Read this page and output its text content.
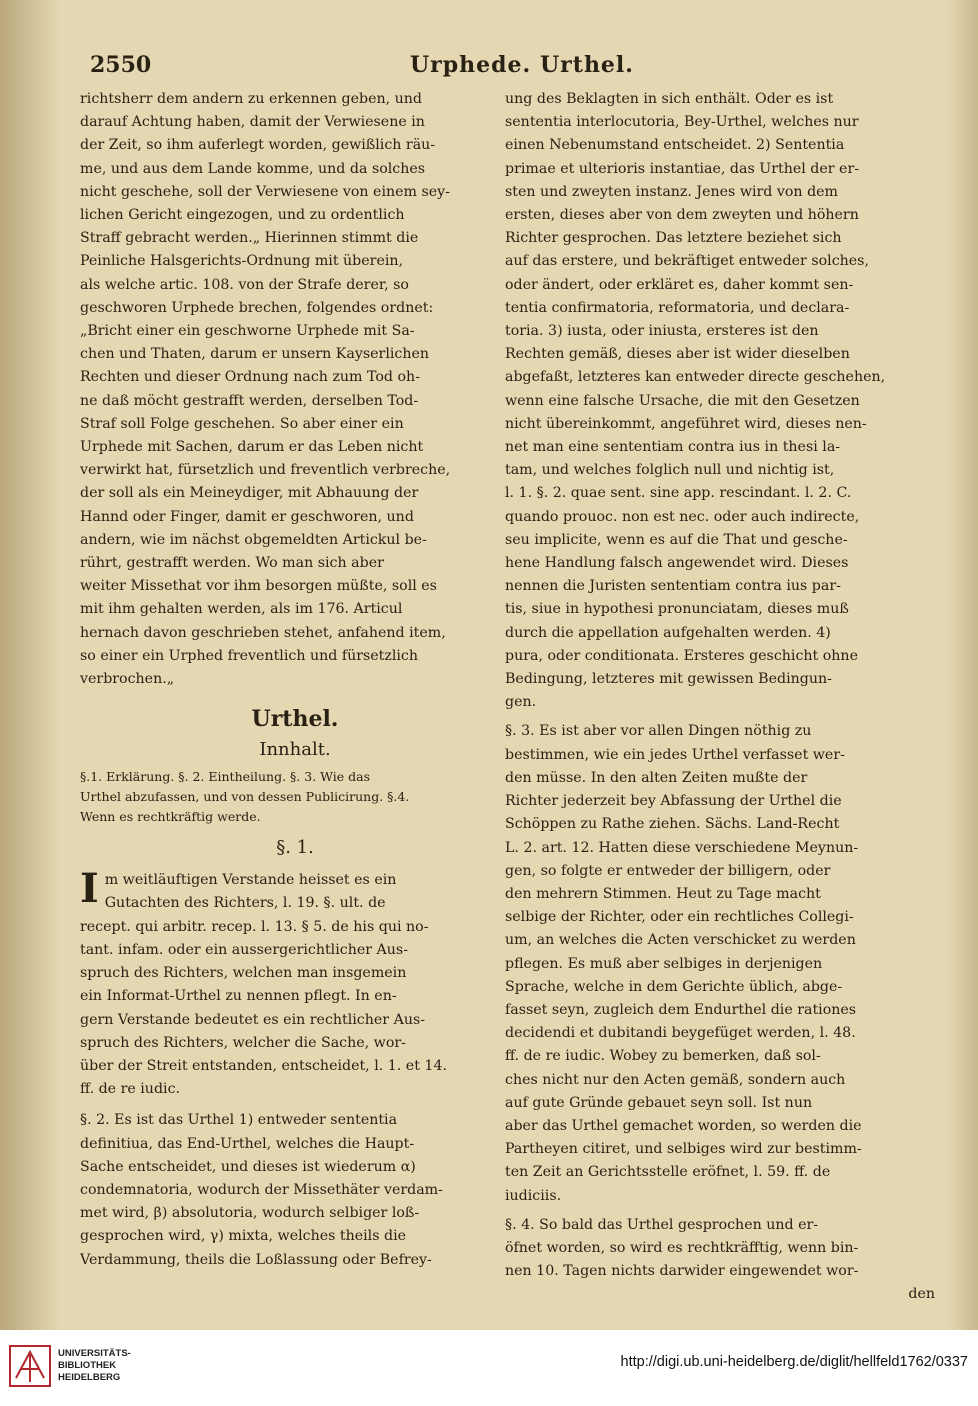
2550	Urphede. Urthel.
richtsherr dem andern zu erkennen geben, und
darauf Achtung haben, damit der Verwiesene in
der Zeit, so ihm auferlegt worden, gewißlich räu-
me, und aus dem Lande komme, und da solches
nicht geschehe, soll der Verwiesene von einem sey-
lichen Gericht eingezogen, und zu ordentlich
Straff gebracht werden.„ Hierinnen stimmt die
Peinliche Halsgerichts-Ordnung mit überein,
als welche artic. 108. von der Strafe derer, so
geschworen Urphede brechen, folgendes ordnet:
„Bricht einer ein geschworne Urphede mit Sa-
chen und Thaten, darum er unsern Kayserlichen
Rechten und dieser Ordnung nach zum Tod oh-
ne daß möcht gestrafft werden, derselben Tod-
Straf soll Folge geschehen. So aber einer ein
Urphede mit Sachen, darum er das Leben nicht
verwirkt hat, fürsetzlich und freventlich verbreche,
der soll als ein Meineydiger, mit Abhauung der
Hannd oder Finger, damit er geschworen, und
andern, wie im nächst obgemeldten Artickul be-
rührt, gestrafft werden. Wo man sich aber
weiter Missethat vor ihm besorgen müßte, soll es
mit ihm gehalten werden, als im 176. Articul
hernach davon geschrieben stehet, anfahend item,
so einer ein Urphed freventlich und fürsetzlich
verbrochen.„
Urthel.
Innhalt.
§.1. Erklärung. §. 2. Eintheilung. §. 3. Wie das
Urthel abzufassen, und von dessen Publicirung. §.4.
Wenn es rechtkräftig werde.
§. 1.
I m weitläuftigen Verstande heisset es ein
Gutachten des Richters, l. 19. §. ult. de
recept. qui arbitr. recep. l. 13. § 5. de his qui no-
tant. infam. oder ein aussergerichtlicher Aus-
spruch des Richters, welchen man insgemein
ein Informat-Urthel zu nennen pflegt. In en-
gern Verstande bedeutet es ein rechtlicher Aus-
spruch des Richters, welcher die Sache, wor-
über der Streit entstanden, entscheidet, l. 1. et 14.
ff. de re iudic.
§. 2. Es ist das Urthel 1) entweder sententia
definitiua, das End-Urthel, welches die Haupt-
Sache entscheidet, und dieses ist wiederum α)
condemnatoria, wodurch der Missethäter verdam-
met wird, β) absolutoria, wodurch selbiger loß-
gesprochen wird, γ) mixta, welches theils die
Verdammung, theils die Loßlassung oder Befrey-
ung des Beklagten in sich enthält. Oder es ist
sententia interlocutoria, Bey-Urthel, welches nur
einen Nebenumstand entscheidet. 2) Sententia
primae et ulterioris instantiae, das Urthel der er-
sten und zweyten instanz. Jenes wird von dem
ersten, dieses aber von dem zweyten und höhern
Richter gesprochen. Das letztere beziehet sich
auf das erstere, und bekräftiget entweder solches,
oder ändert, oder erkläret es, daher kommt sen-
tentia confirmatoria, reformatoria, und declara-
toria. 3) iusta, oder iniusta, ersteres ist den
Rechten gemäß, dieses aber ist wider dieselben
abgefaßt, letzteres kan entweder directe geschehen,
wenn eine falsche Ursache, die mit den Gesetzen
nicht übereinkommt, angeführet wird, dieses nen-
net man eine sententiam contra ius in thesi la-
tam, und welches folglich null und nichtig ist,
l. 1. §. 2. quae sent. sine app. rescindant. l. 2. C.
quando prouoc. non est nec. oder auch indirecte,
seu implicite, wenn es auf die That und gesche-
hene Handlung falsch angewendet wird. Dieses
nennen die Juristen sententiam contra ius par-
tis, siue in hypothesi pronunciatam, dieses muß
durch die appellation aufgehalten werden. 4)
pura, oder conditionata. Ersteres geschicht ohne
Bedingung, letzteres mit gewissen Bedingun-
gen.
§. 3. Es ist aber vor allen Dingen nöthig zu
bestimmen, wie ein jedes Urthel verfasset wer-
den müsse. In den alten Zeiten mußte der
Richter jederzeit bey Abfassung der Urthel die
Schöppen zu Rathe ziehen. Sächs. Land-Recht
L. 2. art. 12. Hatten diese verschiedene Meynun-
gen, so folgte er entweder der billigern, oder
den mehrern Stimmen. Heut zu Tage macht
selbige der Richter, oder ein rechtliches Collegi-
um, an welches die Acten verschicket zu werden
pflegen. Es muß aber selbiges in derjenigen
Sprache, welche in dem Gerichte üblich, abge-
fasset seyn, zugleich dem Endurthel die rationes
decidendi et dubitandi beygefüget werden, l. 48.
ff. de re iudic. Wobey zu bemerken, daß sol-
ches nicht nur den Acten gemäß, sondern auch
auf gute Gründe gebauet seyn soll. Ist nun
aber das Urthel gemachet worden, so werden die
Partheyen citiret, und selbiges wird zur bestimm-
ten Zeit an Gerichtsstelle eröfnet, l. 59. ff. de
iudiciis.
§. 4. So bald das Urthel gesprochen und er-
öfnet worden, so wird es rechtkräfftig, wenn bin-
nen 10. Tagen nichts darwider eingewendet wor-
den
UNIVERSITÄTS-
BIBLIOTHEK
HEIDELBERG
http://digi.ub.uni-heidelberg.de/diglit/hellfeld1762/0337
